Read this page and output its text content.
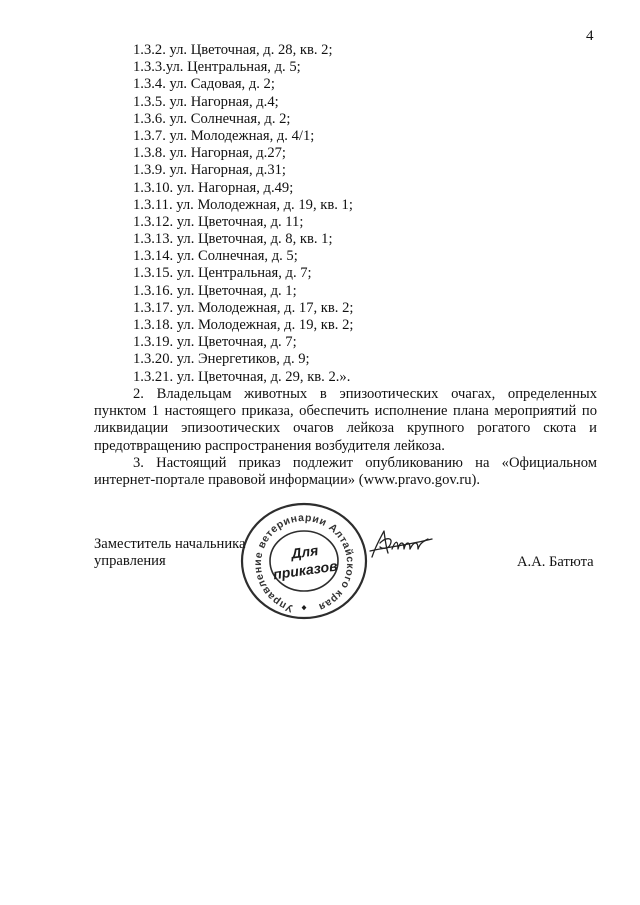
4
1.3.2. ул. Цветочная, д. 28, кв. 2;
1.3.3.ул. Центральная, д. 5;
1.3.4. ул. Садовая, д. 2;
1.3.5. ул. Нагорная, д.4;
1.3.6. ул. Солнечная, д. 2;
1.3.7. ул. Молодежная, д. 4/1;
1.3.8. ул. Нагорная, д.27;
1.3.9. ул. Нагорная, д.31;
1.3.10. ул. Нагорная, д.49;
1.3.11. ул. Молодежная, д. 19, кв. 1;
1.3.12. ул. Цветочная, д. 11;
1.3.13. ул. Цветочная, д. 8, кв. 1;
1.3.14. ул. Солнечная, д. 5;
1.3.15. ул. Центральная, д. 7;
1.3.16. ул. Цветочная, д. 1;
1.3.17. ул. Молодежная, д. 17, кв. 2;
1.3.18. ул. Молодежная, д. 19, кв. 2;
1.3.19. ул. Цветочная, д. 7;
1.3.20. ул. Энергетиков, д. 9;
1.3.21. ул. Цветочная, д. 29, кв. 2.».

2. Владельцам животных в эпизоотических очагах, определенных пунктом 1 настоящего приказа, обеспечить исполнение плана мероприятий по ликвидации эпизоотических очагов лейкоза крупного рогатого скота и предотвращению распространения возбудителя лейкоза.

3. Настоящий приказ подлежит опубликованию на «Официальном интернет-портале правовой информации» (www.pravo.gov.ru).

Заместитель начальника
управления	А.А. Батюта
Управление ветеринарии Алтайского края
Для
приказов
